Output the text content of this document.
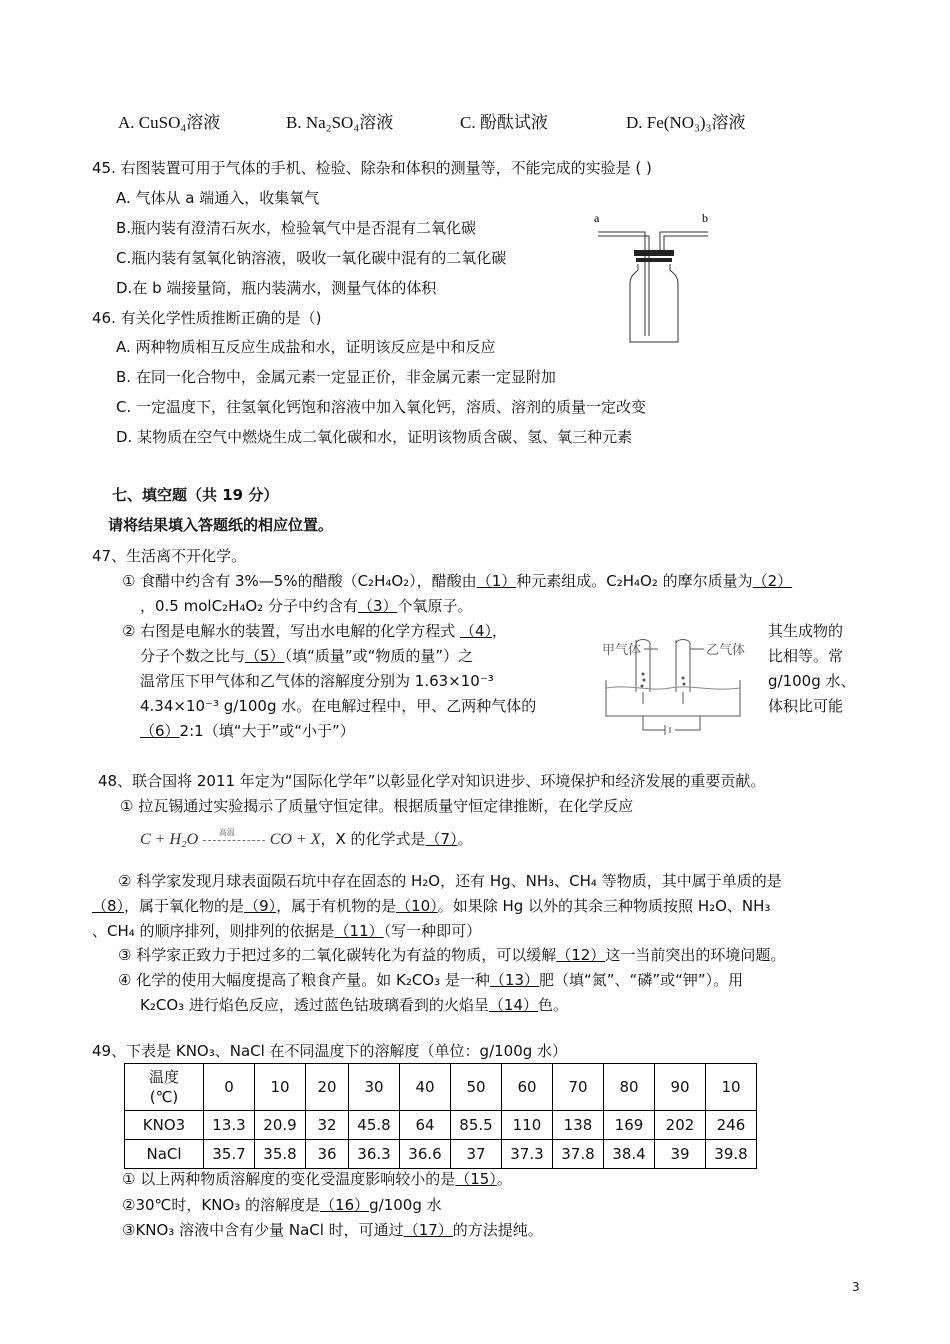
A. CuSO₄溶液	B. Na₂SO₄溶液	C. 酚酞试液	D. Fe(NO₃)₃溶液
45. 右图装置可用于气体的手机、检验、除杂和体积的测量等，不能完成的实验是 ( )
A. 气体从 a 端通入，收集氧气
B.瓶内装有澄清石灰水，检验氧气中是否混有二氧化碳
C.瓶内装有氢氧化钠溶液，吸收一氧化碳中混有的二氧化碳
D.在 b 端接量筒，瓶内装满水，测量气体的体积
a	b
46. 有关化学性质推断正确的是（)
A. 两种物质相互反应生成盐和水，证明该反应是中和反应
B. 在同一化合物中，金属元素一定显正价，非金属元素一定显附加
C. 一定温度下，往氢氧化钙饱和溶液中加入氧化钙，溶质、溶剂的质量一定改变
D. 某物质在空气中燃烧生成二氧化碳和水，证明该物质含碳、氢、氧三种元素
七、填空题（共 19 分）
请将结果填入答题纸的相应位置。
47、生活离不开化学。
① 食醋中约含有 3%—5%的醋酸（C₂H₄O₂），醋酸由（1）种元素组成。C₂H₄O₂ 的摩尔质量为（2）
，0.5 molC₂H₄O₂ 分子中约含有（3）个氧原子。
② 右图是电解水的装置，写出水电解的化学方程式 （4），	其生成物的
分子个数之比与（5）（填“质量”或“物质的量”）之	比相等。常
温常压下甲气体和乙气体的溶解度分别为 1.63×10⁻³	g/100g 水、
4.34×10⁻³ g/100g 水。在电解过程中，甲、乙两种气体的	体积比可能
（6）2:1（填“大于”或“小于”）
甲气体	乙气体
48、联合国将 2011 年定为“国际化学年”以彰显化学对知识进步、环境保护和经济发展的重要贡献。
① 拉瓦锡通过实验揭示了质量守恒定律。根据质量守恒定律推断，在化学反应
C + H₂O	高温 CO + X，X 的化学式是（7）。
② 科学家发现月球表面陨石坑中存在固态的 H₂O，还有 Hg、NH₃、CH₄ 等物质，其中属于单质的是
（8），属于氧化物的是（9），属于有机物的是（10）。如果除 Hg 以外的其余三种物质按照 H₂O、NH₃
、CH₄ 的顺序排列，则排列的依据是（11）（写一种即可）
③ 科学家正致力于把过多的二氧化碳转化为有益的物质，可以缓解（12）这一当前突出的环境问题。
④ 化学的使用大幅度提高了粮食产量。如 K₂CO₃ 是一种（13）肥（填“氮”、“磷”或“钾”）。用
K₂CO₃ 进行焰色反应，透过蓝色钴玻璃看到的火焰呈（14）色。
49、下表是 KNO₃、NaCl 在不同温度下的溶解度（单位：g/100g 水）
温度
(℃)	0	10	20	30	40	50	60	70	80	90	10
KNO3	13.3	20.9	32	45.8	64	85.5	110	138	169	202	246
NaCl	35.7	35.8	36	36.3	36.6	37	37.3	37.8	38.4	39	39.8
① 以上两种物质溶解度的变化受温度影响较小的是（15）。
②30℃时，KNO₃ 的溶解度是（16）g/100g 水
③KNO₃ 溶液中含有少量 NaCl 时，可通过（17）的方法提纯。
3
